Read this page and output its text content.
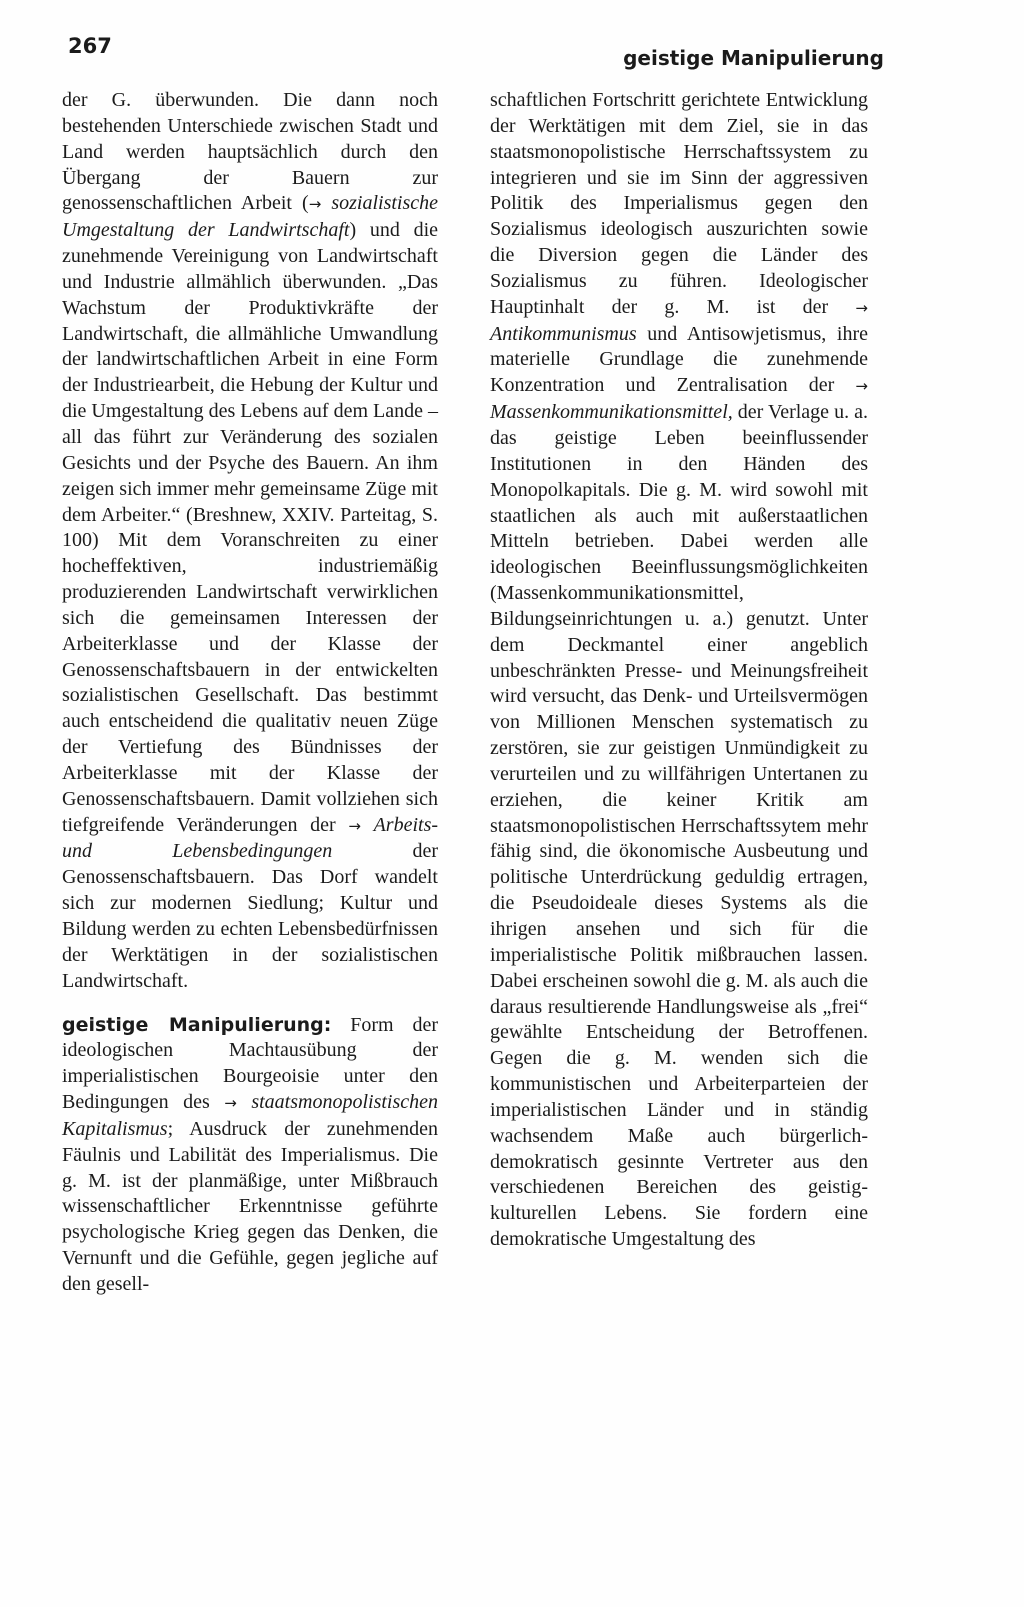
267	geistige Manipulierung

der G. überwunden. Die dann noch bestehenden Unterschiede zwischen Stadt und Land werden hauptsächlich durch den Übergang der Bauern zur genossenschaftlichen Arbeit (→ sozialistische Umgestaltung der Landwirtschaft) und die zunehmende Vereinigung von Landwirtschaft und Industrie allmählich überwunden. „Das Wachstum der Produktivkräfte der Landwirtschaft, die allmähliche Umwandlung der landwirtschaftlichen Arbeit in eine Form der Industriearbeit, die Hebung der Kultur und die Umgestaltung des Lebens auf dem Lande – all das führt zur Veränderung des sozialen Gesichts und der Psyche des Bauern. An ihm zeigen sich immer mehr gemeinsame Züge mit dem Arbeiter.“ (Breshnew, XXIV. Parteitag, S. 100) Mit dem Voranschreiten zu einer hocheffektiven, industriemäßig produzierenden Landwirtschaft verwirklichen sich die gemeinsamen Interessen der Arbeiterklasse und der Klasse der Genossenschaftsbauern in der entwickelten sozialistischen Gesellschaft. Das bestimmt auch entscheidend die qualitativ neuen Züge der Vertiefung des Bündnisses der Arbeiterklasse mit der Klasse der Genossenschaftsbauern. Damit vollziehen sich tiefgreifende Veränderungen der → Arbeits- und Lebensbedingungen der Genossenschaftsbauern. Das Dorf wandelt sich zur modernen Siedlung; Kultur und Bildung werden zu echten Lebensbedürfnissen der Werktätigen in der sozialistischen Landwirtschaft.

geistige Manipulierung: Form der ideologischen Machtausübung der imperialistischen Bourgeoisie unter den Bedingungen des → staatsmonopolistischen Kapitalismus; Ausdruck der zunehmenden Fäulnis und Labilität des Imperialismus. Die g. M. ist der planmäßige, unter Mißbrauch wissenschaftlicher Erkenntnisse geführte psychologische Krieg gegen das Denken, die Vernunft und die Gefühle, gegen jegliche auf den gesell-

schaftlichen Fortschritt gerichtete Entwicklung der Werktätigen mit dem Ziel, sie in das staatsmonopolistische Herrschaftssystem zu integrieren und sie im Sinn der aggressiven Politik des Imperialismus gegen den Sozialismus ideologisch auszurichten sowie die Diversion gegen die Länder des Sozialismus zu führen. Ideologischer Hauptinhalt der g. M. ist der → Antikommunismus und Antisowjetismus, ihre materielle Grundlage die zunehmende Konzentration und Zentralisation der → Massenkommunikationsmittel, der Verlage u. a. das geistige Leben beeinflussender Institutionen in den Händen des Monopolkapitals. Die g. M. wird sowohl mit staatlichen als auch mit außerstaatlichen Mitteln betrieben. Dabei werden alle ideologischen Beeinflussungsmöglichkeiten (Massenkommunikationsmittel, Bildungseinrichtungen u. a.) genutzt. Unter dem Deckmantel einer angeblich unbeschränkten Presse- und Meinungsfreiheit wird versucht, das Denk- und Urteilsvermögen von Millionen Menschen systematisch zu zerstören, sie zur geistigen Unmündigkeit zu verurteilen und zu willfährigen Untertanen zu erziehen, die keiner Kritik am staatsmonopolistischen Herrschaftssytem mehr fähig sind, die ökonomische Ausbeutung und politische Unterdrückung geduldig ertragen, die Pseudoideale dieses Systems als die ihrigen ansehen und sich für die imperialistische Politik mißbrauchen lassen. Dabei erscheinen sowohl die g. M. als auch die daraus resultierende Handlungsweise als „frei“ gewählte Entscheidung der Betroffenen. Gegen die g. M. wenden sich die kommunistischen und Arbeiterparteien der imperialistischen Länder und in ständig wachsendem Maße auch bürgerlich-demokratisch gesinnte Vertreter aus den verschiedenen Bereichen des geistig-kulturellen Lebens. Sie fordern eine demokratische Umgestaltung des
